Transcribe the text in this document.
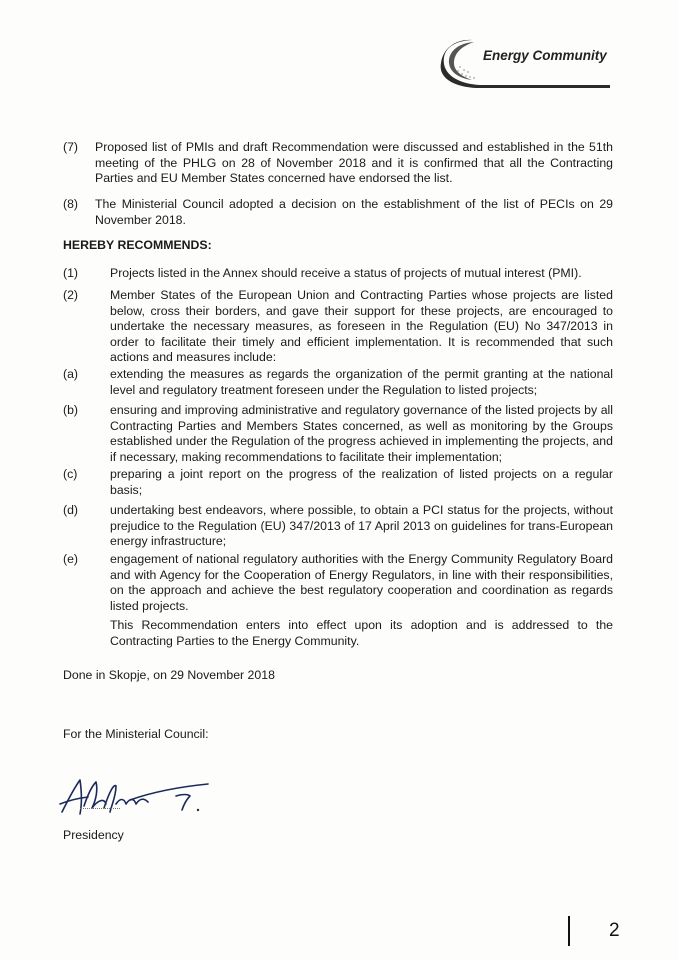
Energy Community
(7) Proposed list of PMIs and draft Recommendation were discussed and established in the 51th meeting of the PHLG on 28 of November 2018 and it is confirmed that all the Contracting Parties and EU Member States concerned have endorsed the list.

(8) The Ministerial Council adopted a decision on the establishment of the list of PECIs on 29 November 2018.

HEREBY RECOMMENDS:
(1)	Projects listed in the Annex should receive a status of projects of mutual interest (PMI).

(2)	Member States of the European Union and Contracting Parties whose projects are listed below, cross their borders, and gave their support for these projects, are encouraged to undertake the necessary measures, as foreseen in the Regulation (EU) No 347/2013 in order to facilitate their timely and efficient implementation. It is recommended that such actions and measures include:

(a)	extending the measures as regards the organization of the permit granting at the national level and regulatory treatment foreseen under the Regulation to listed projects;

(b)	ensuring and improving administrative and regulatory governance of the listed projects by all Contracting Parties and Members States concerned, as well as monitoring by the Groups established under the Regulation of the progress achieved in implementing the projects, and if necessary, making recommendations to facilitate their implementation;

(c)	preparing a joint report on the progress of the realization of listed projects on a regular basis;

(d)	undertaking best endeavors, where possible, to obtain a PCI status for the projects, without prejudice to the Regulation (EU) 347/2013 of 17 April 2013 on guidelines for trans-European energy infrastructure;

(e)	engagement of national regulatory authorities with the Energy Community Regulatory Board and with Agency for the Cooperation of Energy Regulators, in line with their responsibilities, on the approach and achieve the best regulatory cooperation and coordination as regards listed projects.

This Recommendation enters into effect upon its adoption and is addressed to the Contracting Parties to the Energy Community.

Done in Skopje, on 29 November 2018
For the Ministerial Council:
Presidency
2
